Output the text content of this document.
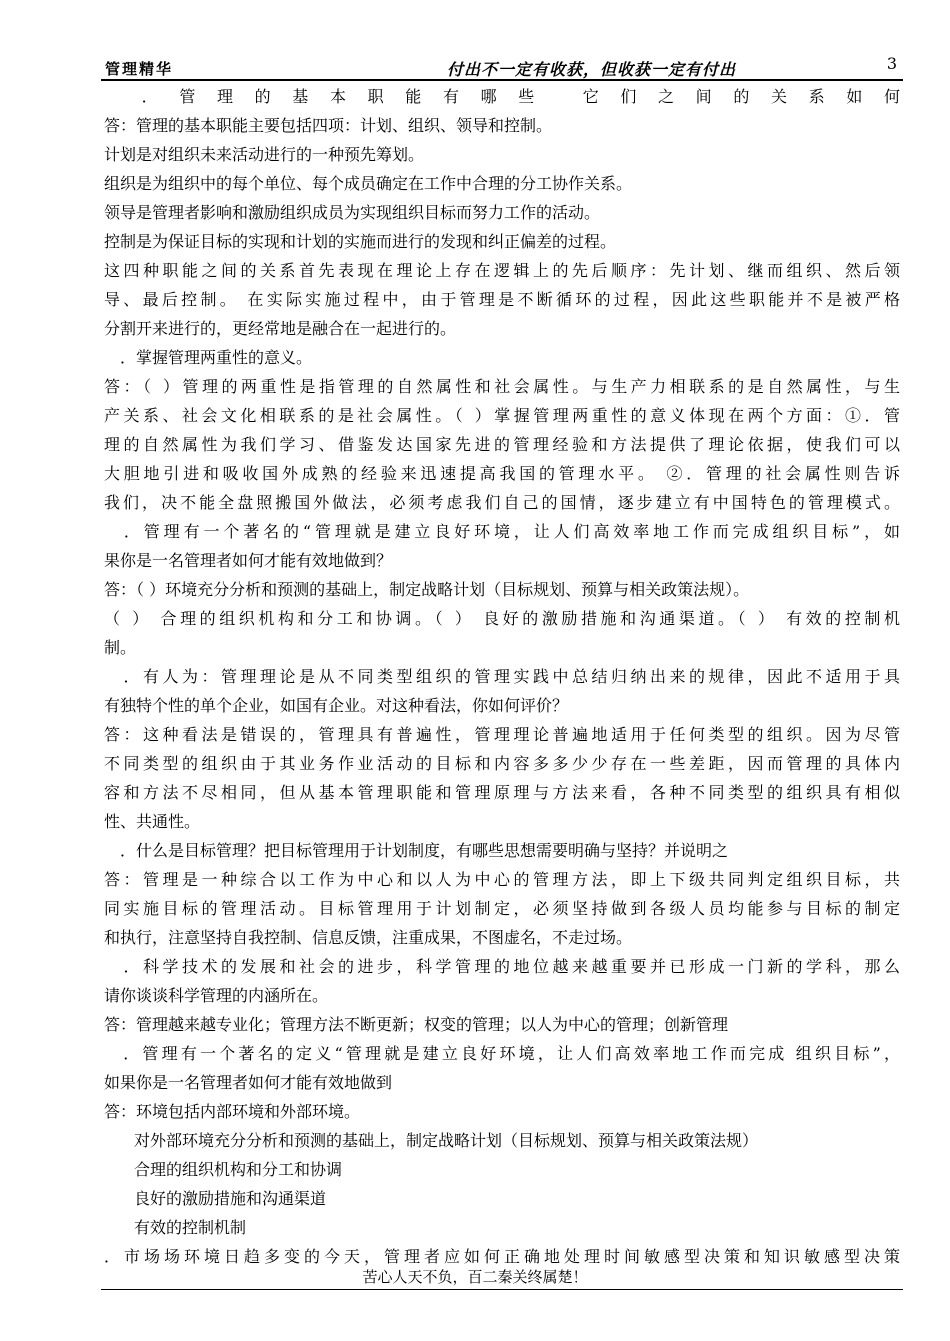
管理精华	付出不一定有收获，但收获一定有付出	3
　．管理的基本职能有哪些 它们之间的关系如何
答：管理的基本职能主要包括四项：计划、组织、领导和控制。
计划是对组织未来活动进行的一种预先筹划。
组织是为组织中的每个单位、每个成员确定在工作中合理的分工协作关系。
领导是管理者影响和激励组织成员为实现组织目标而努力工作的活动。
控制是为保证目标的实现和计划的实施而进行的发现和纠正偏差的过程。
这四种职能之间的关系首先表现在理论上存在逻辑上的先后顺序：先计划、继而组织、然后领
导、最后控制。 在实际实施过程中，由于管理是不断循环的过程，因此这些职能并不是被严格
分割开来进行的，更经常地是融合在一起进行的。
　．掌握管理两重性的意义。
答：（ ）管理的两重性是指管理的自然属性和社会属性。与生产力相联系的是自然属性，与生
产关系、社会文化相联系的是社会属性。（ ）掌握管理两重性的意义体现在两个方面：①．管
理的自然属性为我们学习、借鉴发达国家先进的管理经验和方法提供了理论依据，使我们可以
大胆地引进和吸收国外成熟的经验来迅速提高我国的管理水平。 ②．管理的社会属性则告诉
我们，决不能全盘照搬国外做法，必须考虑我们自己的国情，逐步建立有中国特色的管理模式。
　．管理有一个著名的“管理就是建立良好环境，让人们高效率地工作而完成组织目标”，如
果你是一名管理者如何才能有效地做到？
答：（ ）环境充分分析和预测的基础上，制定战略计划（目标规划、预算与相关政策法规）。
（ ） 合理的组织机构和分工和协调。（ ） 良好的激励措施和沟通渠道。（ ） 有效的控制机
制。
　．有人为：管理理论是从不同类型组织的管理实践中总结归纳出来的规律，因此不适用于具
有独特个性的单个企业，如国有企业。对这种看法，你如何评价？
答：这种看法是错误的，管理具有普遍性，管理理论普遍地适用于任何类型的组织。因为尽管
不同类型的组织由于其业务作业活动的目标和内容多多少少存在一些差距，因而管理的具体内
容和方法不尽相同，但从基本管理职能和管理原理与方法来看，各种不同类型的组织具有相似
性、共通性。
　．什么是目标管理？把目标管理用于计划制度，有哪些思想需要明确与坚持？并说明之
答：管理是一种综合以工作为中心和以人为中心的管理方法，即上下级共同判定组织目标，共
同实施目标的管理活动。目标管理用于计划制定，必须坚持做到各级人员均能参与目标的制定
和执行，注意坚持自我控制、信息反馈，注重成果，不图虚名，不走过场。
　．科学技术的发展和社会的进步，科学管理的地位越来越重要并已形成一门新的学科，那么
请你谈谈科学管理的内涵所在。
答：管理越来越专业化；管理方法不断更新；权变的管理；以人为中心的管理；创新管理
　．管理有一个著名的定义“管理就是建立良好环境，让人们高效率地工作而完成 组织目标”，
如果你是一名管理者如何才能有效地做到
答：环境包括内部环境和外部环境。
对外部环境充分分析和预测的基础上，制定战略计划（目标规划、预算与相关政策法规）
合理的组织机构和分工和协调
良好的激励措施和沟通渠道
有效的控制机制
．市场场环境日趋多变的今天，管理者应如何正确地处理时间敏感型决策和知识敏感型决策
苦心人天不负，百二秦关终属楚！
